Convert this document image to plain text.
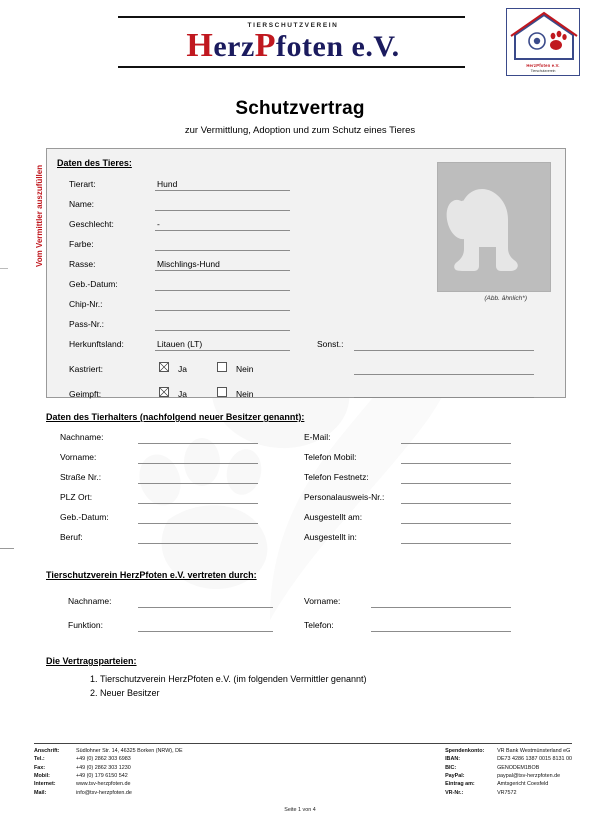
TIERSCHUTZVEREIN
HerzPfoten e.V.
HerzPfoten e.V.
Tierschutzverein
Schutzvertrag
zur Vermittlung, Adoption und zum Schutz eines Tieres
Daten des Tieres:
Vom Vermittler auszufüllen	Tierart:	Hund
Name:
Geschlecht:	-
Farbe:
Rasse:	Mischlings-Hund
Geb.-Datum:
Chip-Nr.:
Pass-Nr.:
Herkunftsland:	Litauen (LT)	Sonst.:
Kastriert:	Ja	Nein
Geimpft:	Ja	Nein
(Abb. ähnlich*)
Daten des Tierhalters (nachfolgend neuer Besitzer genannt):
Nachname:
Vorname:
Straße Nr.:
PLZ Ort:
Geb.-Datum:
Beruf:
E-Mail:
Telefon Mobil:
Telefon Festnetz:
Personalausweis-Nr.:
Ausgestellt am:
Ausgestellt in:
Tierschutzverein HerzPfoten e.V. vertreten durch:
Nachname:
Funktion:
Vorname:
Telefon:
Die Vertragsparteien:
1. Tierschutzverein HerzPfoten e.V. (im folgenden Vermittler genannt)
2. Neuer Besitzer
Anschrift:	Südlohner Str. 14, 46325 Borken (NRW), DE
Tel.:	+49 (0) 2862 303 6983
Fax:	+49 (0) 2862 303 1230
Mobil:	+49 (0) 179 6150 542
Internet:	www.tsv-herzpfoten.de
Mail:	info@tsv-herzpfoten.de
Spendenkonto:	VR Bank Westmünsterland eG
IBAN:	DE73 4286 1387 0015 8131 00
BIC:	GENODEM1BOB
PayPal:	paypal@tsv-herzpfoten.de
Eintrag am:	Amtsgericht Coesfeld
VR-Nr.:	VR7572
Seite 1 von 4
